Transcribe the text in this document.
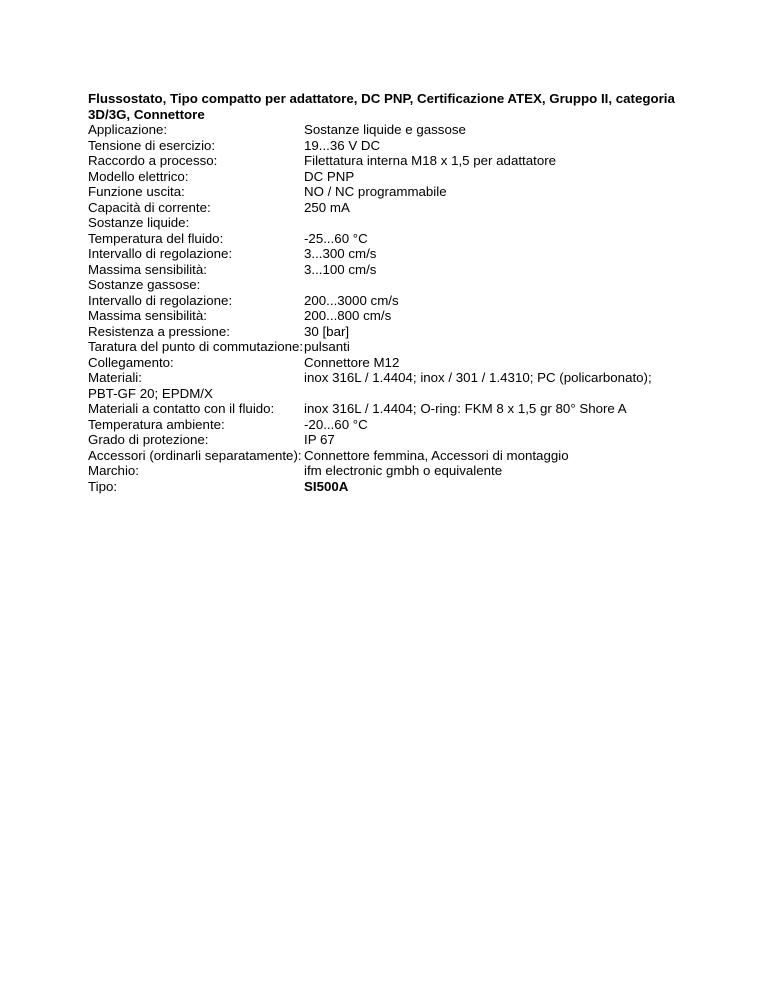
Flussostato, Tipo compatto per adattatore, DC PNP, Certificazione ATEX, Gruppo II, categoria 3D/3G, Connettore
Applicazione:	Sostanze liquide e gassose
Tensione di esercizio:	19...36 V DC
Raccordo a processo:	Filettatura interna M18 x 1,5 per adattatore
Modello elettrico:	DC PNP
Funzione uscita:	NO / NC programmabile
Capacità di corrente:	250 mA
Sostanze liquide:
Temperatura del fluido:	-25...60 °C
Intervallo di regolazione:	3...300 cm/s
Massima sensibilità:	3...100 cm/s
Sostanze gassose:
Intervallo di regolazione:	200...3000 cm/s
Massima sensibilità:	200...800 cm/s
Resistenza a pressione:	30 [bar]
Taratura del punto di commutazione: pulsanti
Collegamento:	Connettore M12
Materiali:	inox 316L / 1.4404; inox / 301 / 1.4310; PC (policarbonato);
PBT-GF 20; EPDM/X
Materiali a contatto con il fluido:	inox 316L / 1.4404; O-ring: FKM 8 x 1,5 gr 80° Shore A
Temperatura ambiente:	-20...60 °C
Grado di protezione:	IP 67
Accessori (ordinarli separatamente): Connettore femmina, Accessori di montaggio
Marchio:	ifm electronic gmbh o equivalente
Tipo:	SI500A
